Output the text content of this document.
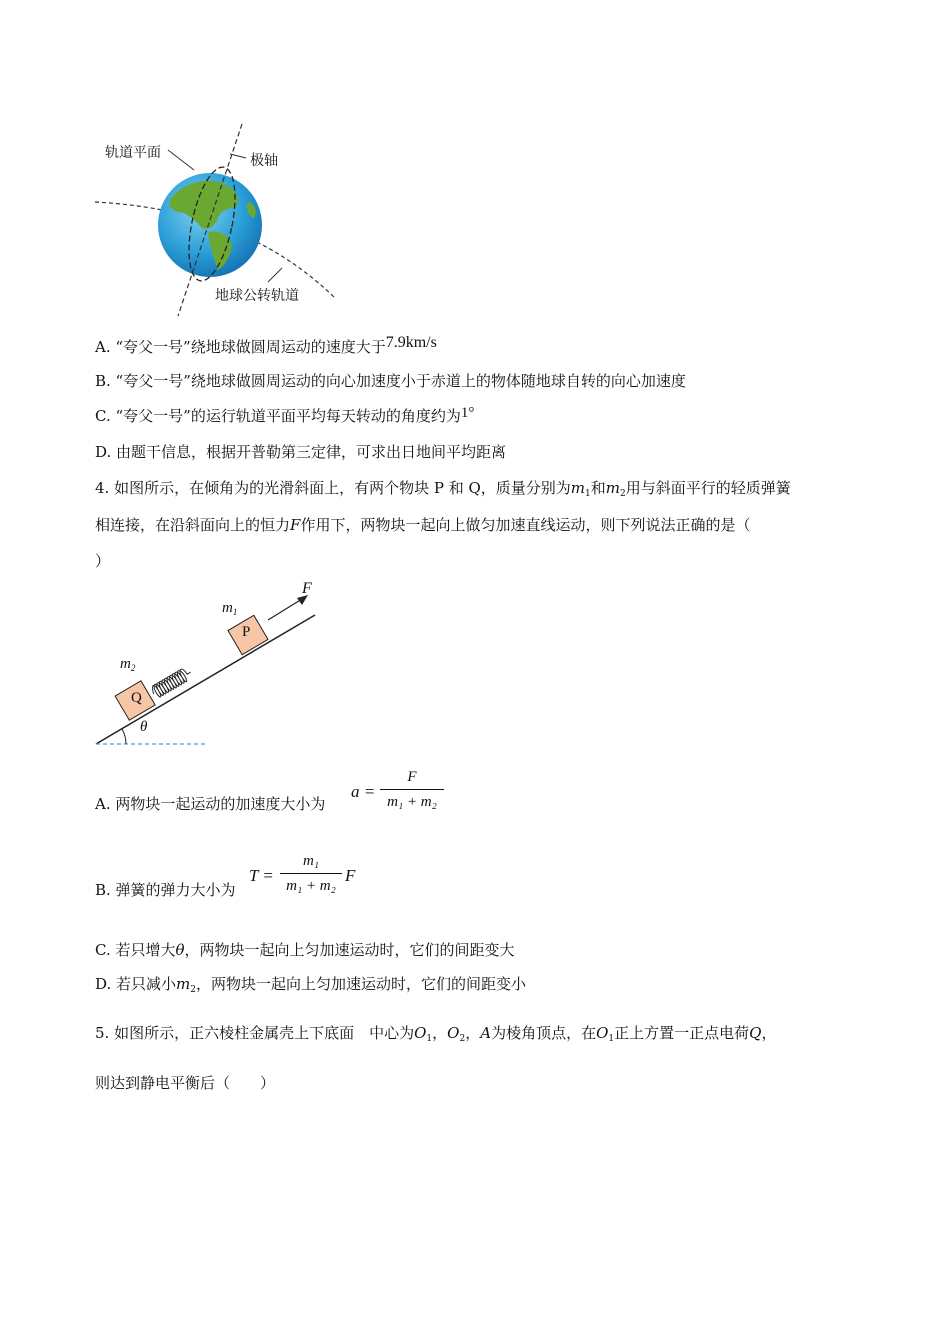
轨道平面	极轴
地球公转轨道
A. “夸父一号”绕地球做圆周运动的速度大于7.9km/s
B. “夸父一号”绕地球做圆周运动的向心加速度小于赤道上的物体随地球自转的向心加速度
C. “夸父一号”的运行轨道平面平均每天转动的角度约为1°
D. 由题干信息，根据开普勒第三定律，可求出日地间平均距离
4. 如图所示，在倾角为的光滑斜面上，有两个物块 P 和 Q，质量分别为$m_1$和$m_2$用与斜面平行的轻质弹簧
相连接，在沿斜面向上的恒力F作用下，两物块一起向上做匀加速直线运动，则下列说法正确的是（
）
F
$m_1$
$m_2$
P
Q
θ
A. 两物块一起运动的加速度大小为
a =
F
m₁ + m₂
B. 弹簧的弹力大小为
T =
m₁
m₁ + m₂
F
C. 若只增大θ，两物块一起向上匀加速运动时，它们的间距变大
D. 若只减小$m_2$，两物块一起向上匀加速运动时，它们的间距变小
5. 如图所示，正六棱柱金属壳上下底面　中心为$O_1$，$O_2$，A为棱角顶点，在$O_1$正上方置一正点电荷Q，
则达到静电平衡后（　　）
